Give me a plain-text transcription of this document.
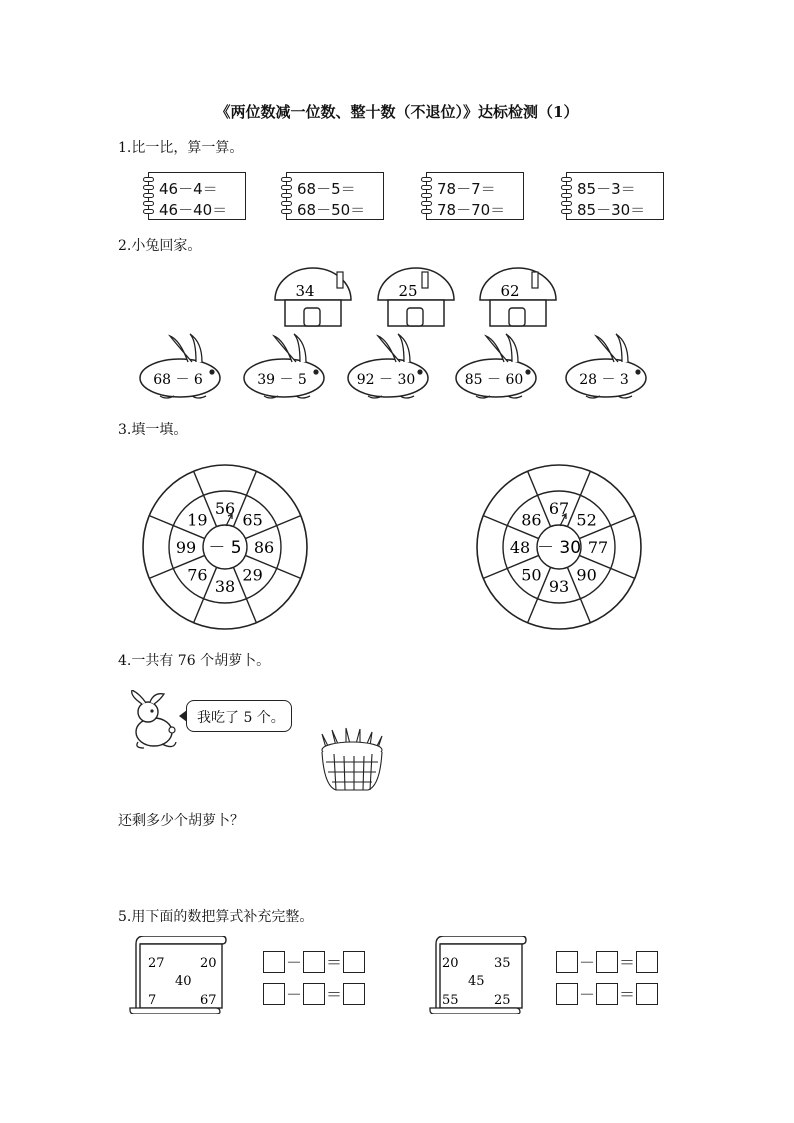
《两位数减一位数、整十数（不退位）》达标检测（1）
1.比一比，算一算。
46－4＝
46－40＝
68－5＝
68－50＝
78－7＝
78－70＝
85－3＝
85－30＝
2.小兔回家。
34	25	62
68 － 6	39 － 5	92 － 30	85 － 60	28 － 3
3.填一填。
－ 5
56
65
86
29
38
76
99
19
－ 30
67
52
77
90
93
50
48
86
4.一共有 76 个胡萝卜。
我吃了 5 个。
还剩多少个胡萝卜？
5.用下面的数把算式补充完整。
27	20
40
7	67
20	35
45
55	25
－ ＝
－ ＝
－ ＝
－ ＝
